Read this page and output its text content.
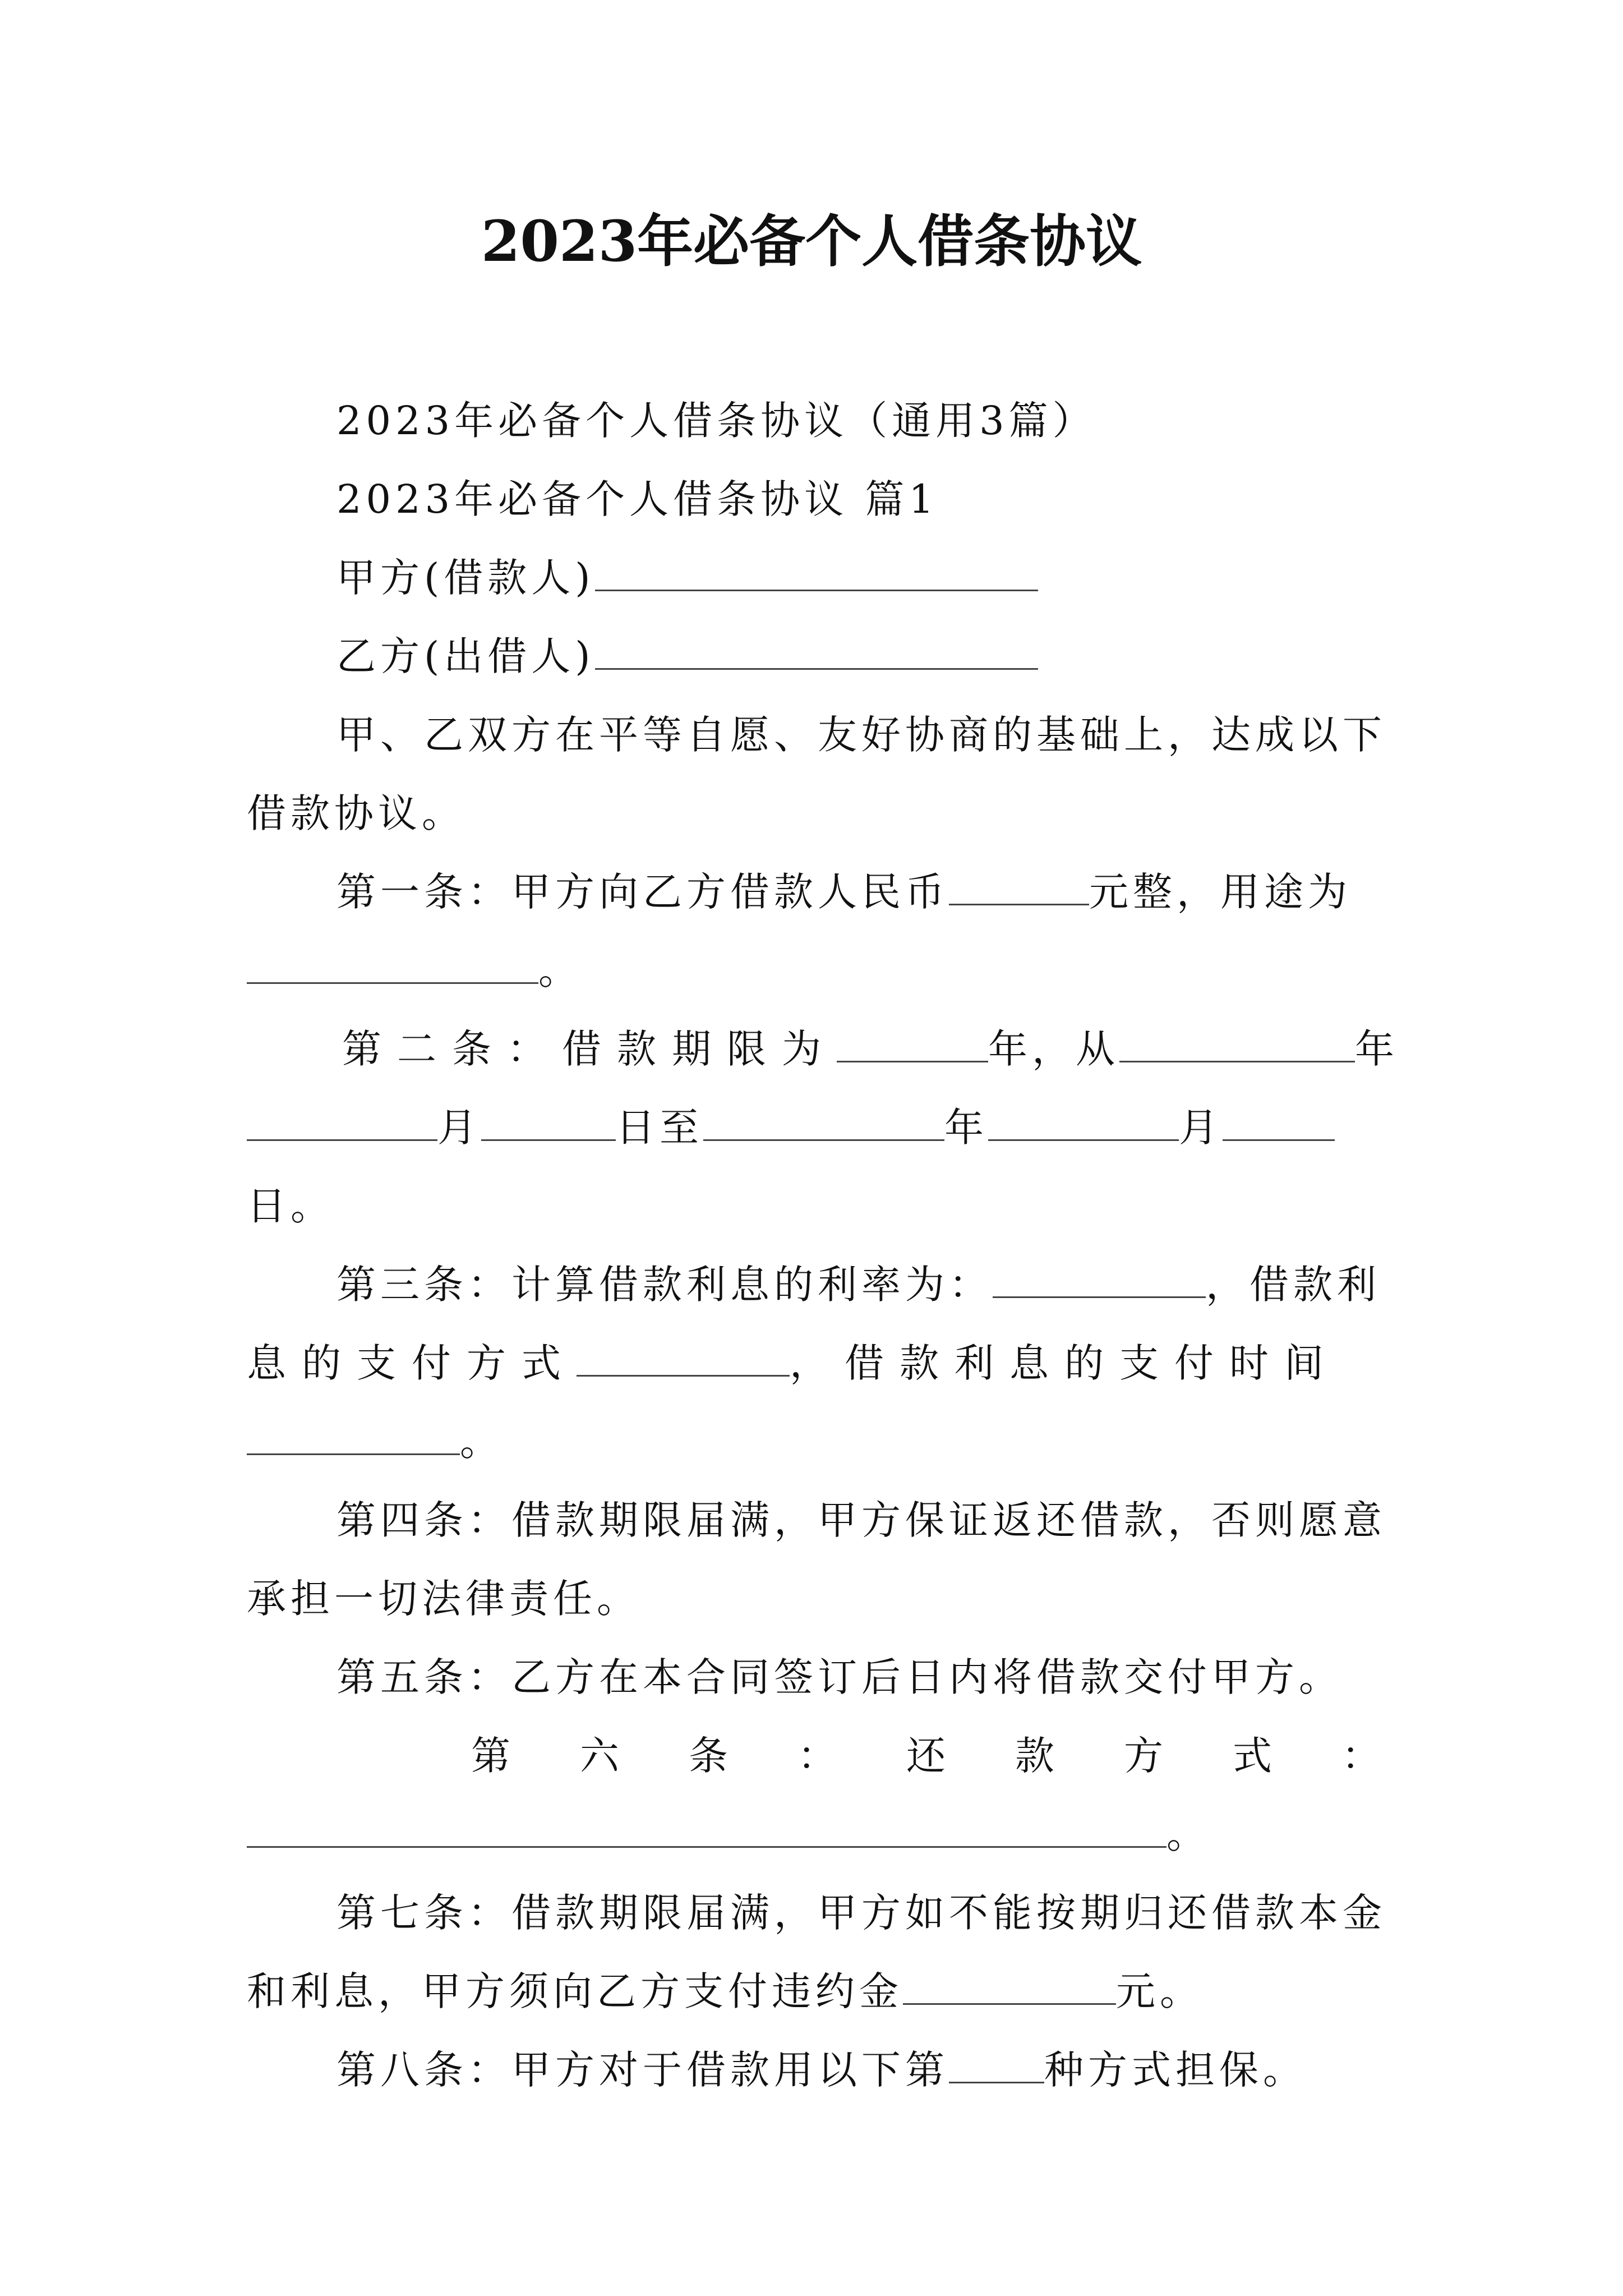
2023年必备个人借条协议
2023年必备个人借条协议（通用3篇）
2023年必备个人借条协议 篇1
甲方(借款人)
乙方(出借人)
甲、乙双方在平等自愿、友好协商的基础上，达成以下
借款协议。
第一条：甲方向乙方借款人民币	元整，用途为
。
第二条：借款期限为	年，从	年
月	日至	年	月
日。
第三条：计算借款利息的利率为：	，借款利
息的支付方式	，借款利息的支付时间
。
第四条：借款期限届满，甲方保证返还借款，否则愿意
承担一切法律责任。
第五条：乙方在本合同签订后日内将借款交付甲方。
第 六 条 ： 还 款 方 式 ：
。
第七条：借款期限届满，甲方如不能按期归还借款本金
和利息，甲方须向乙方支付违约金	元。
第八条：甲方对于借款用以下第 种方式担保。
